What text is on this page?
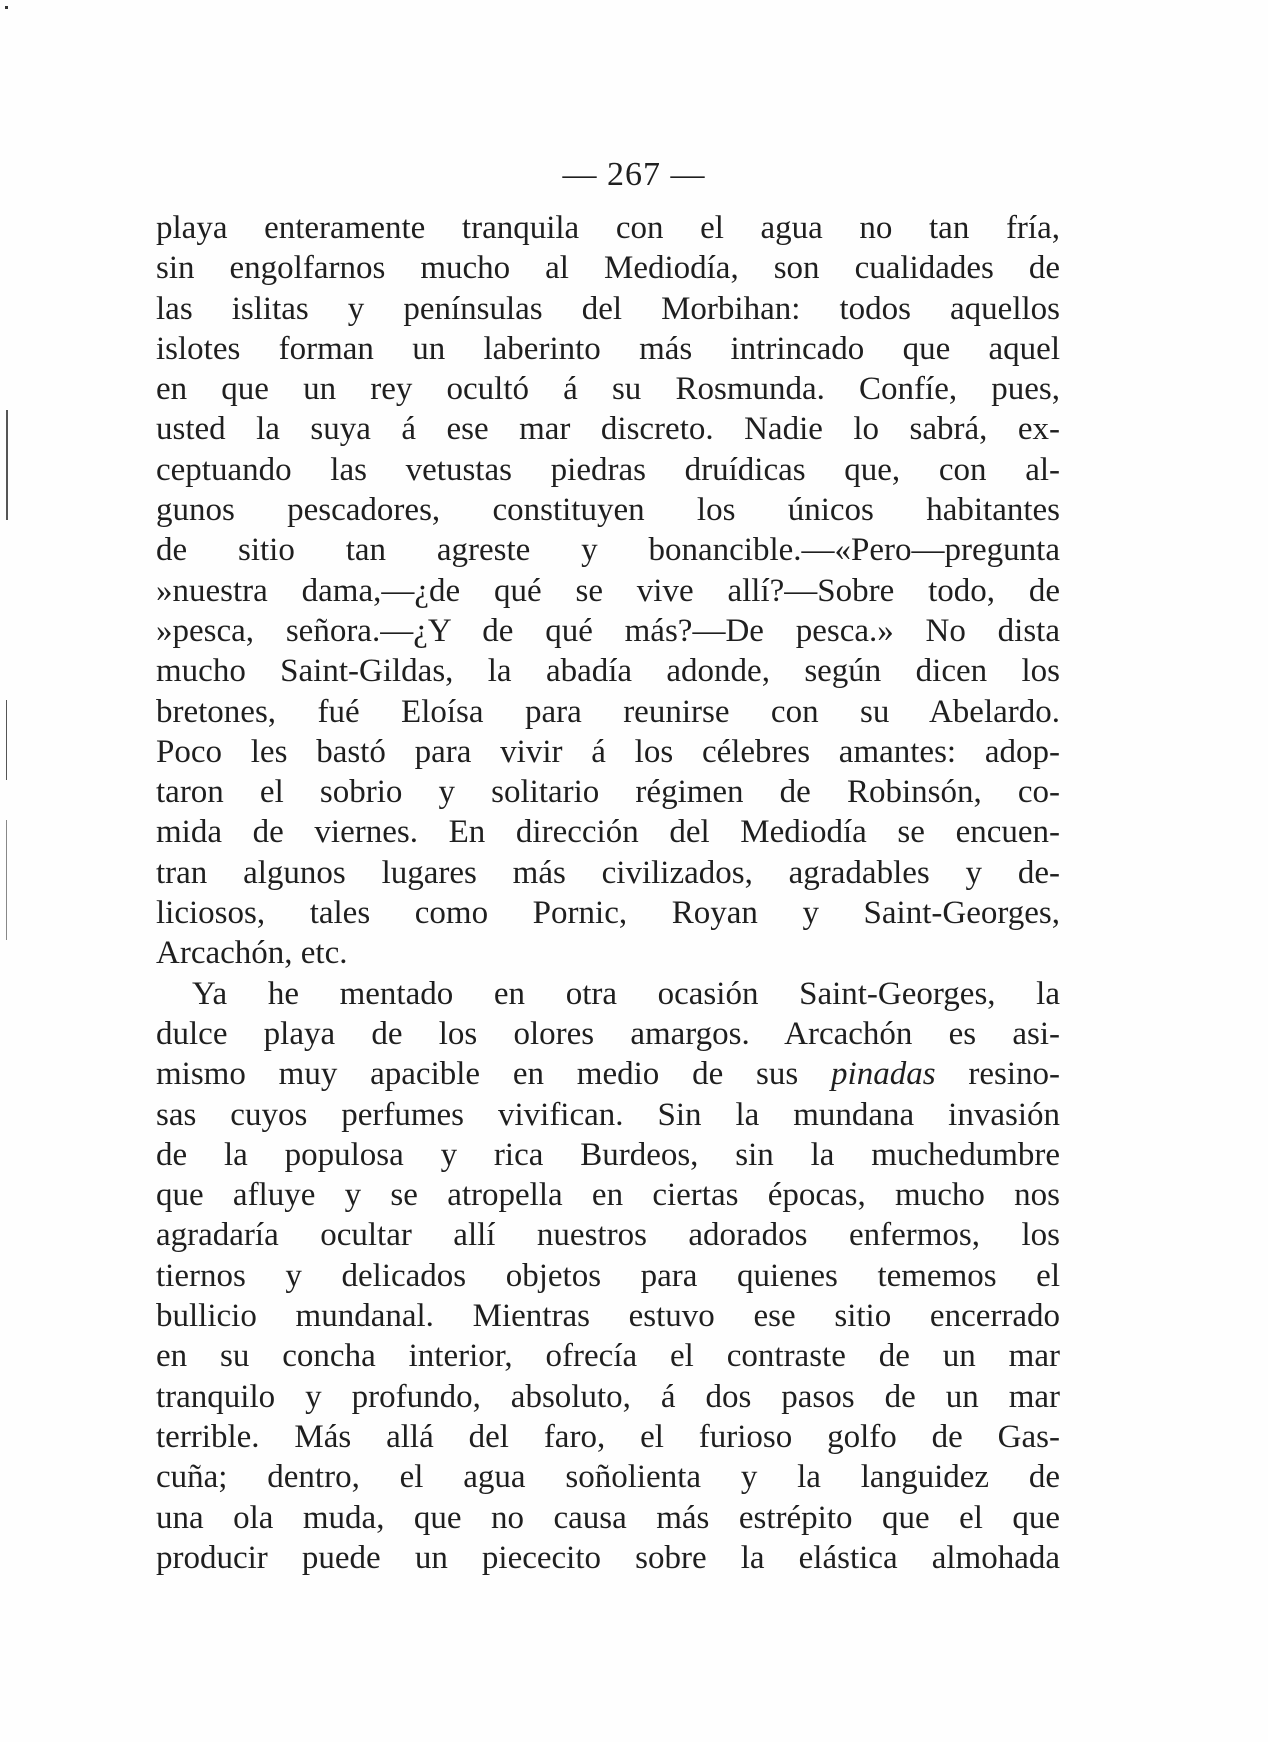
— 267 —
playa enteramente tranquila con el agua no tan fría,
sin engolfarnos mucho al Mediodía, son cualidades de
las islitas y penínsulas del Morbihan: todos aquellos
islotes forman un laberinto más intrincado que aquel
en que un rey ocultó á su Rosmunda. Confíe, pues,
usted la suya á ese mar discreto. Nadie lo sabrá, ex-
ceptuando las vetustas piedras druídicas que, con al-
gunos pescadores, constituyen los únicos habitantes
de sitio tan agreste y bonancible.—«Pero—pregunta
»nuestra dama,—¿de qué se vive allí?—Sobre todo, de
»pesca, señora.—¿Y de qué más?—De pesca.» No dista
mucho Saint-Gildas, la abadía adonde, según dicen los
bretones, fué Eloísa para reunirse con su Abelardo.
Poco les bastó para vivir á los célebres amantes: adop-
taron el sobrio y solitario régimen de Robinsón, co-
mida de viernes. En dirección del Mediodía se encuen-
tran algunos lugares más civilizados, agradables y de-
liciosos, tales como Pornic, Royan y Saint-Georges,
Arcachón, etc.
Ya he mentado en otra ocasión Saint-Georges, la
dulce playa de los olores amargos. Arcachón es asi-
mismo muy apacible en medio de sus pinadas resino-
sas cuyos perfumes vivifican. Sin la mundana invasión
de la populosa y rica Burdeos, sin la muchedumbre
que afluye y se atropella en ciertas épocas, mucho nos
agradaría ocultar allí nuestros adorados enfermos, los
tiernos y delicados objetos para quienes tememos el
bullicio mundanal. Mientras estuvo ese sitio encerrado
en su concha interior, ofrecía el contraste de un mar
tranquilo y profundo, absoluto, á dos pasos de un mar
terrible. Más allá del faro, el furioso golfo de Gas-
cuña; dentro, el agua soñolienta y la languidez de
una ola muda, que no causa más estrépito que el que
producir puede un piececito sobre la elástica almohada
